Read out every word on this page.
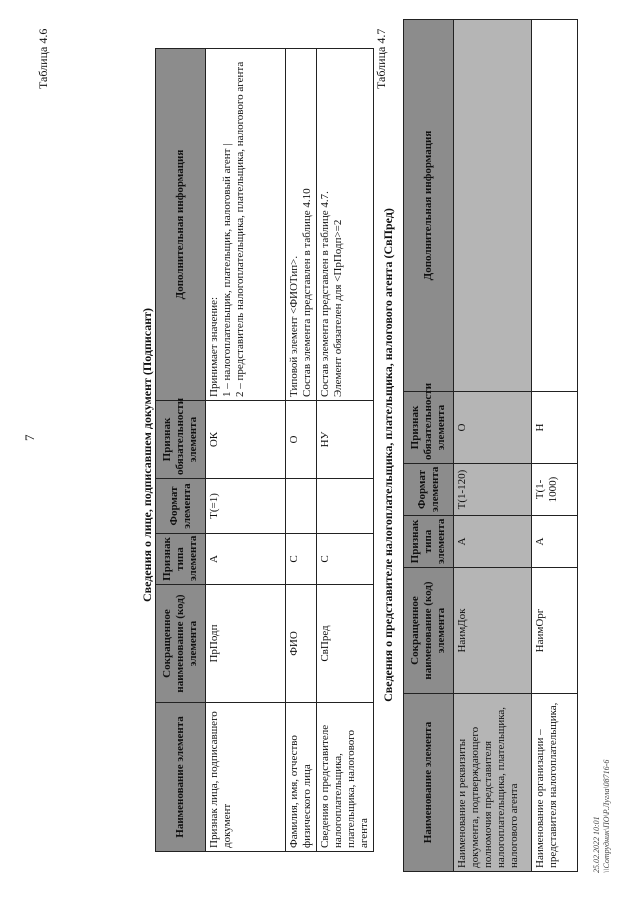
7
Таблица 4.6
Сведения о лице, подписавшем документ (Подписант)
Наименование элемента	Сокращенное наименование (код) элемента	Признак типа элемента	Формат элемента	Признак обязательности элемента	Дополнительная информация
Признак лица, подписавшего документ	ПрПодп	А	T(=1)	ОК	Принимает значение: 1 – налогоплательщик, плательщик, налоговый агент | 2 – представитель налогоплательщика, плательщика, налогового агента

Фамилия, имя, отчество физического лица	ФИО	С		О	Типовой элемент <ФИОТип>. Состав элемента представлен в таблице 4.10

Сведения о представителе налогоплательщика, плательщика, налогового агента	СвПред	С		НУ	Состав элемента представлен в таблице 4.7. Элемент обязателен для <ПрПодп>=2
Таблица 4.7
Сведения о представителе налогоплательщика, плательщика, налогового агента (СвПред)
Наименование элемента	Сокращенное наименование (код) элемента	Признак типа элемента	Формат элемента	Признак обязательности элемента	Дополнительная информация
Наименование и реквизиты документа, подтверждающего полномочия представителя налогоплательщика, плательщика, налогового агента	НаимДок	А	T(1-120)	О	
Наименование организации – представителя налогоплательщика,	НаимОрг	А	T(1-1000)	Н	
25.02.2022 10:01 \\Сотрудник\ПО\Р.Лугла\08716-6
